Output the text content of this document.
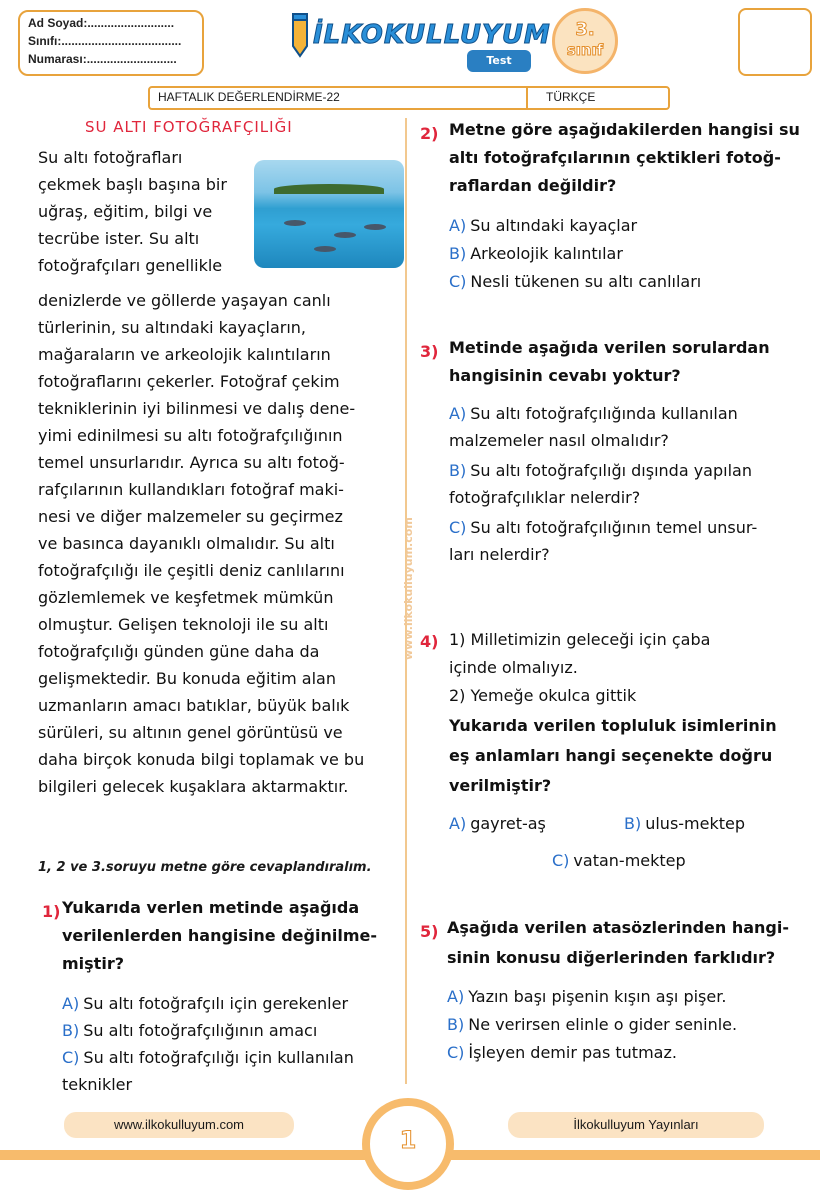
Ad Soyad:..........................
Sınıfı:....................................
Numarası:...........................
İLKOKULLUYUM
Test
3.
sınıf
HAFTALIK DEĞERLENDİRME-22	TÜRKÇE
www.ilkokulluyum.com
SU ALTI FOTOĞRAFÇILIĞI
Su altı fotoğrafları
çekmek başlı başına bir
uğraş, eğitim, bilgi ve
tecrübe ister. Su altı
fotoğrafçıları genellikle
denizlerde ve göllerde yaşayan canlı
türlerinin, su altındaki kayaçların,
mağaraların ve arkeolojik kalıntıların
fotoğraflarını çekerler. Fotoğraf çekim
tekniklerinin iyi bilinmesi ve dalış dene-
yimi edinilmesi su altı fotoğrafçılığının
temel unsurlarıdır. Ayrıca su altı fotoğ-
rafçılarının kullandıkları fotoğraf maki-
nesi ve diğer malzemeler su geçirmez
ve basınca dayanıklı olmalıdır. Su altı
fotoğrafçılığı ile çeşitli deniz canlılarını
gözlemlemek ve keşfetmek mümkün
olmuştur. Gelişen teknoloji ile su altı
fotoğrafçılığı günden güne daha da
gelişmektedir. Bu konuda eğitim alan
uzmanların amacı batıklar, büyük balık
sürüleri, su altının genel görüntüsü ve
daha birçok konuda bilgi toplamak ve bu
bilgileri gelecek kuşaklara aktarmaktır.
1, 2 ve 3.soruyu metne göre cevaplandıralım.
1) Yukarıda verlen metinde aşağıda
verilenlerden hangisine değinilme-
miştir?
A) Su altı fotoğrafçılı için gerekenler
B) Su altı fotoğrafçılığının amacı
C) Su altı fotoğrafçılığı için kullanılan
teknikler
2) Metne göre aşağıdakilerden hangisi su
altı fotoğrafçılarının çektikleri fotoğ-
raflardan değildir?
A) Su altındaki kayaçlar
B) Arkeolojik kalıntılar
C) Nesli tükenen su altı canlıları
3) Metinde aşağıda verilen sorulardan
hangisinin cevabı yoktur?
A) Su altı fotoğrafçılığında kullanılan
malzemeler nasıl olmalıdır?
B) Su altı fotoğrafçılığı dışında yapılan
fotoğrafçılıklar nelerdir?
C) Su altı fotoğrafçılığının temel unsur-
ları nelerdir?
4) 1) Milletimizin geleceği için çaba
içinde olmalıyız.
2) Yemeğe okulca gittik
Yukarıda verilen topluluk isimlerinin
eş anlamları hangi seçenekte doğru
verilmiştir?
A) gayret-aş	B) ulus-mektep
C) vatan-mektep
5) Aşağıda verilen atasözlerinden hangi-
sinin konusu diğerlerinden farklıdır?
A) Yazın başı pişenin kışın aşı pişer.
B) Ne verirsen elinle o gider seninle.
C) İşleyen demir pas tutmaz.
www.ilkokulluyum.com	İlkokulluyum Yayınları
1
